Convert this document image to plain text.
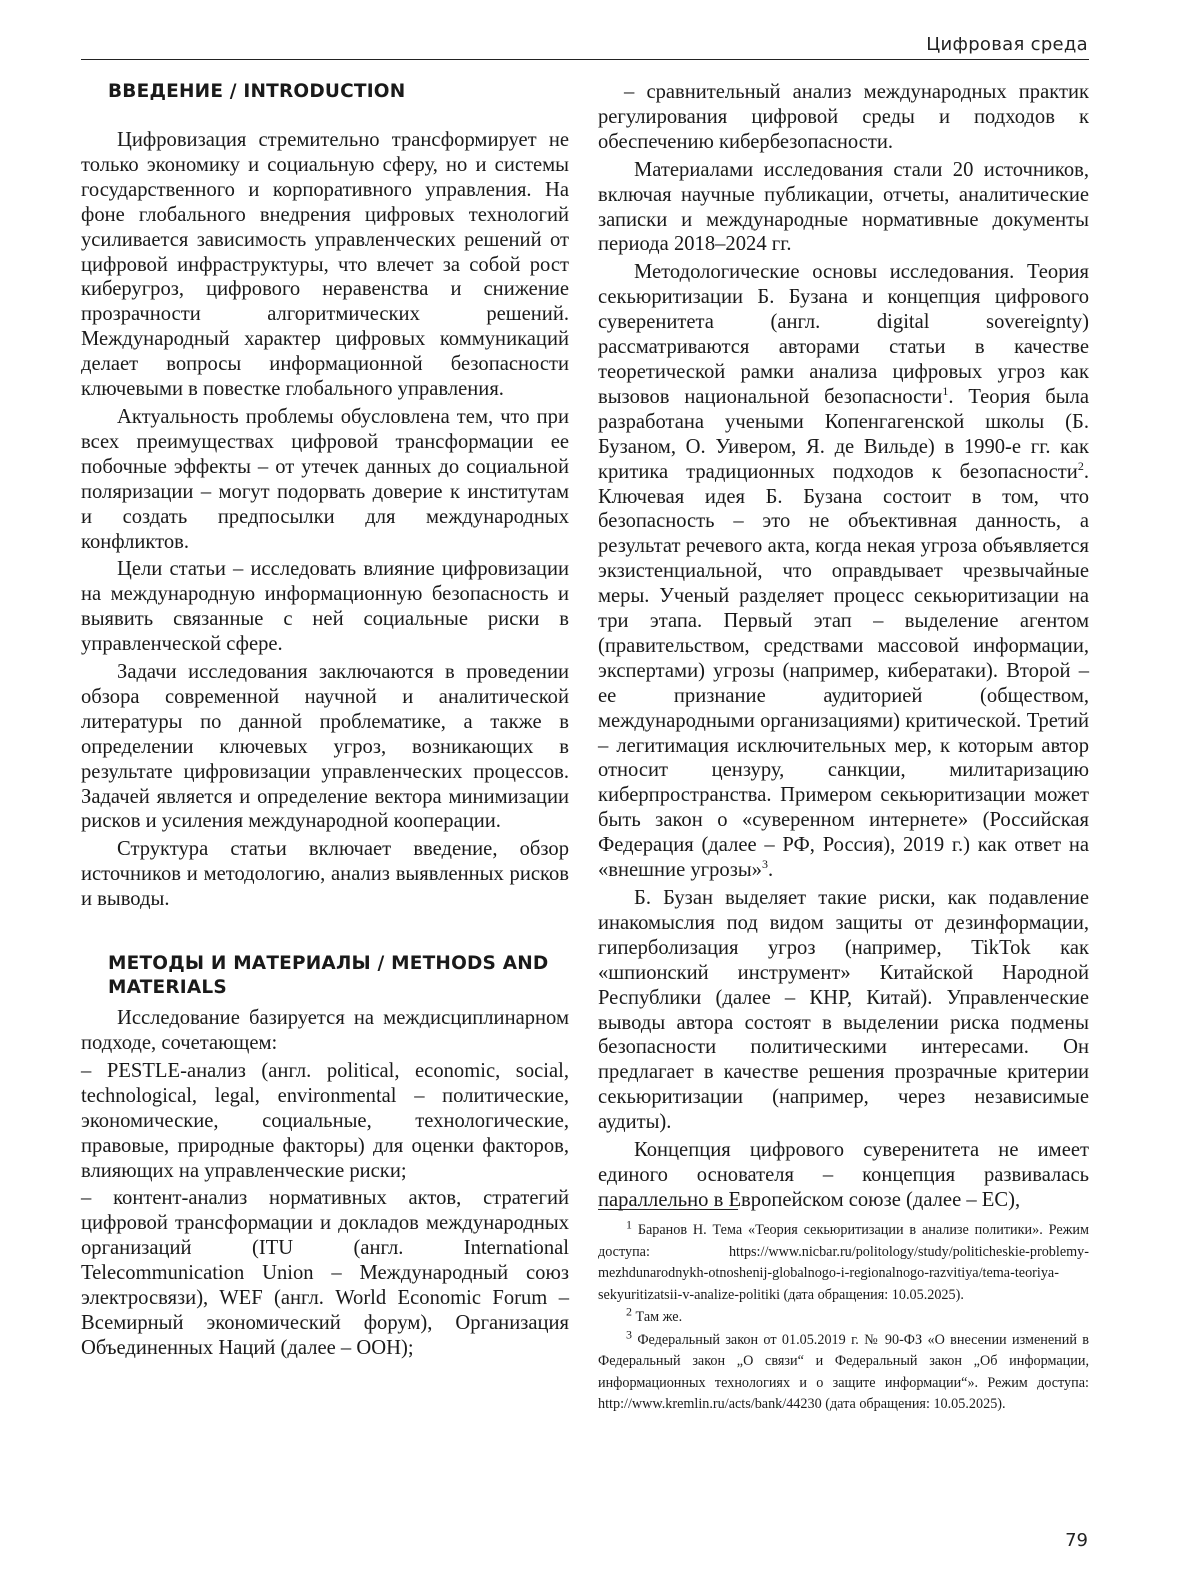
Цифровая среда
ВВЕДЕНИЕ / INTRODUCTION

Цифровизация стремительно трансформирует не только экономику и социальную сферу, но и системы государственного и корпоративного управления. На фоне глобального внедрения цифровых технологий усиливается зависимость управленческих решений от цифровой инфраструктуры, что влечет за собой рост киберугроз, цифрового неравенства и снижение прозрачности алгоритмических решений. Международный характер цифровых коммуникаций делает вопросы информационной безопасности ключевыми в повестке глобального управления.

Актуальность проблемы обусловлена тем, что при всех преимуществах цифровой трансформации ее побочные эффекты – от утечек данных до социальной поляризации – могут подорвать доверие к институтам и создать предпосылки для международных конфликтов.

Цели статьи – исследовать влияние цифровизации на международную информационную безопасность и выявить связанные с ней социальные риски в управленческой сфере.

Задачи исследования заключаются в проведении обзора современной научной и аналитической литературы по данной проблематике, а также в определении ключевых угроз, возникающих в результате цифровизации управленческих процессов. Задачей является и определение вектора минимизации рисков и усиления международной кооперации.

Структура статьи включает введение, обзор источников и методологию, анализ выявленных рисков и выводы.

МЕТОДЫ И МАТЕРИАЛЫ / METHODS AND MATERIALS

Исследование базируется на междисциплинарном подходе, сочетающем:

– PESTLE-анализ (англ. political, economic, social, technological, legal, environmental – политические, экономические, социальные, технологические, правовые, природные факторы) для оценки факторов, влияющих на управленческие риски;

– контент-анализ нормативных актов, стратегий цифровой трансформации и докладов международных организаций (ITU (англ. International Telecommunication Union – Международный союз электросвязи), WEF (англ. World Economic Forum – Всемирный экономический форум), Организация Объединенных Наций (далее – ООН);

– сравнительный анализ международных практик регулирования цифровой среды и подходов к обеспечению кибербезопасности.

Материалами исследования стали 20 источников, включая научные публикации, отчеты, аналитические записки и международные нормативные документы периода 2018–2024 гг.

Методологические основы исследования. Теория секьюритизации Б. Бузана и концепция цифрового суверенитета (англ. digital sovereignty) рассматриваются авторами статьи в качестве теоретической рамки анализа цифровых угроз как вызовов национальной безопасности$^1$. Теория была разработана учеными Копенгагенской школы (Б. Бузаном, О. Уивером, Я. де Вильде) в 1990-е гг. как критика традиционных подходов к безопасности$^2$. Ключевая идея Б. Бузана состоит в том, что безопасность – это не объективная данность, а результат речевого акта, когда некая угроза объявляется экзистенциальной, что оправдывает чрезвычайные меры. Ученый разделяет процесс секьюритизации на три этапа. Первый этап – выделение агентом (правительством, средствами массовой информации, экспертами) угрозы (например, кибератаки). Второй – ее признание аудиторией (обществом, международными организациями) критической. Третий – легитимация исключительных мер, к которым автор относит цензуру, санкции, милитаризацию киберпространства. Примером секьюритизации может быть закон о «суверенном интернете» (Российская Федерация (далее – РФ, Россия), 2019 г.) как ответ на «внешние угрозы»$^3$.

Б. Бузан выделяет такие риски, как подавление инакомыслия под видом защиты от дезинформации, гиперболизация угроз (например, TikTok как «шпионский инструмент» Китайской Народной Республики (далее – КНР, Китай). Управленческие выводы автора состоят в выделении риска подмены безопасности политическими интересами. Он предлагает в качестве решения прозрачные критерии секьюритизации (например, через независимые аудиты).

Концепция цифрового суверенитета не имеет единого основателя – концепция развивалась параллельно в Европейском союзе (далее – ЕС),

$^1$ Баранов Н. Тема «Теория секьюритизации в анализе политики». Режим доступа: https://www.nicbar.ru/politology/study/politicheskie-problemy-mezhdunarodnykh-otnoshenij-globalnogo-i-regionalnogo-razvitiya/tema-teoriya-sekyuritizatsii-v-analize-politiki (дата обращения: 10.05.2025).

$^2$ Там же.

$^3$ Федеральный закон от 01.05.2019 г. № 90-ФЗ «О внесении изменений в Федеральный закон „О связи“ и Федеральный закон „Об информации, информационных технологиях и о защите информации“». Режим доступа: http://www.kremlin.ru/acts/bank/44230 (дата обращения: 10.05.2025).

79
